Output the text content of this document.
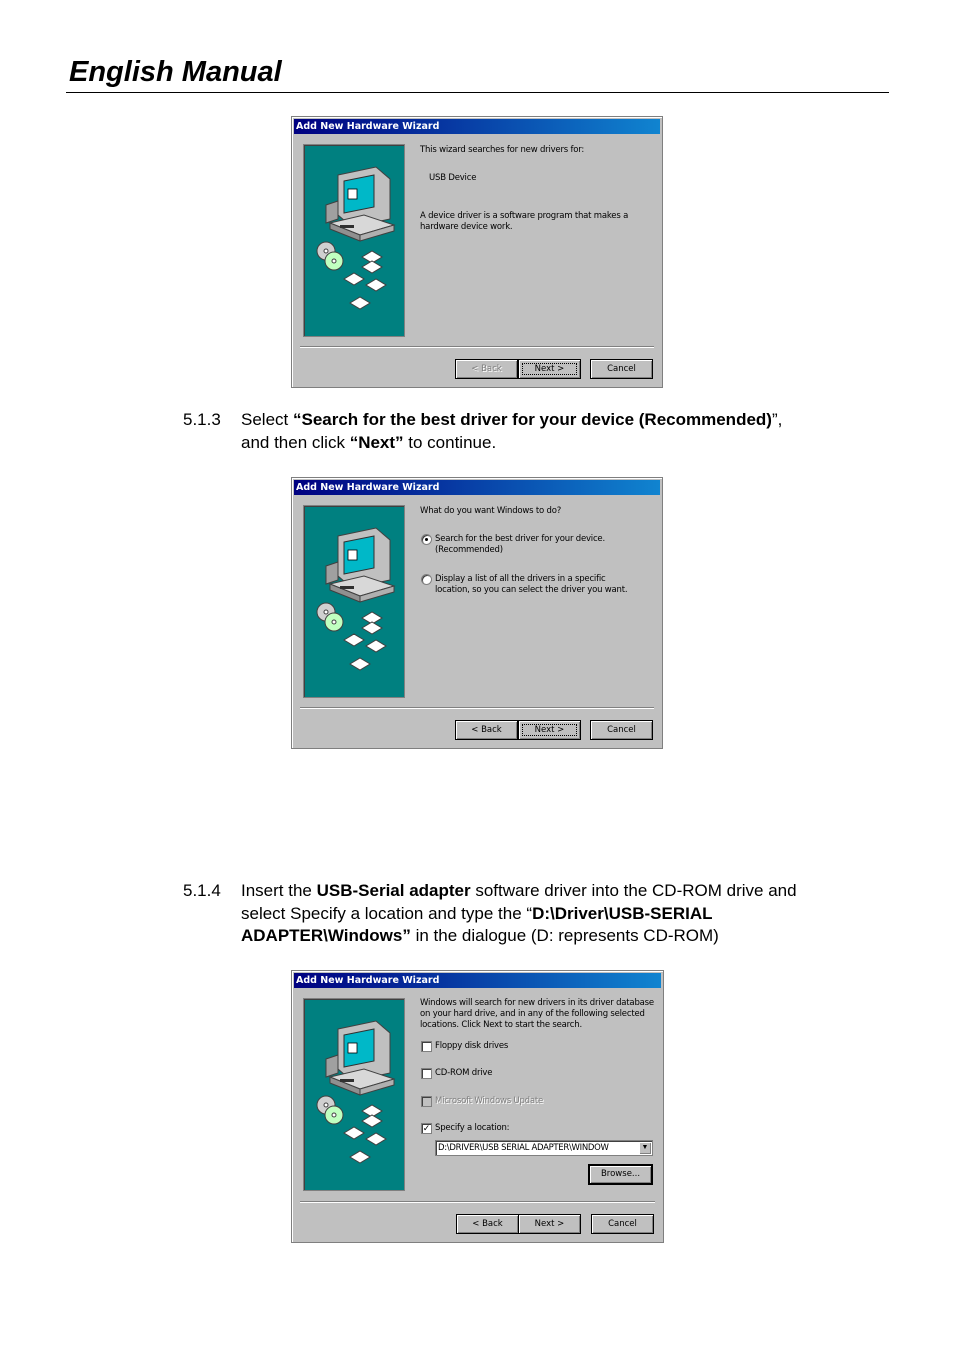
English Manual
Add New Hardware Wizard
This wizard searches for new drivers for:
USB Device
A device driver is a software program that makes a
hardware device work.
< Back	Next >	Cancel
5.1.3 Select “Search for the best driver for your device (Recommended)”,
and then click “Next” to continue.
Add New Hardware Wizard
What do you want Windows to do?
Search for the best driver for your device.
(Recommended)
Display a list of all the drivers in a specific
location, so you can select the driver you want.
< Back	Next >	Cancel
5.1.4 Insert the USB-Serial adapter software driver into the CD-ROM drive and
select Specify a location and type the “D:\Driver\USB-SERIAL
ADAPTER\Windows” in the dialogue (D: represents CD-ROM)
Add New Hardware Wizard
Windows will search for new drivers in its driver database
on your hard drive, and in any of the following selected
locations. Click Next to start the search.
Floppy disk drives
CD-ROM drive
Microsoft Windows Update
✓ Specify a location:
D:\DRIVER\USB SERIAL ADAPTER\WINDOW	▼
Browse...
< Back	Next >	Cancel
